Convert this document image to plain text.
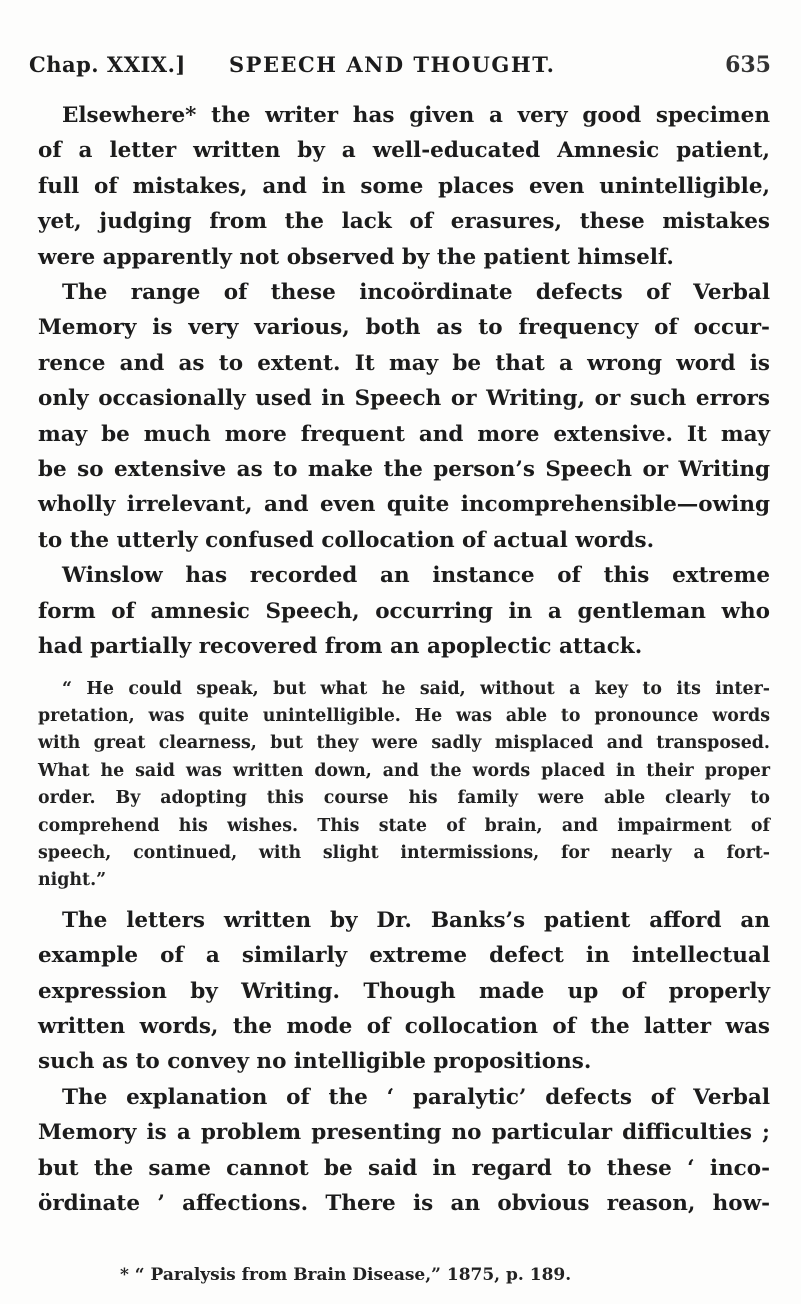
Chap. XXIX.] SPEECH AND THOUGHT.	635

Elsewhere* the writer has given a very good specimen
of a letter written by a well-educated Amnesic patient,
full of mistakes, and in some places even unintelligible,
yet, judging from the lack of erasures, these mistakes
were apparently not observed by the patient himself.

The range of these incoördinate defects of Verbal
Memory is very various, both as to frequency of occur-
rence and as to extent. It may be that a wrong word is
only occasionally used in Speech or Writing, or such errors
may be much more frequent and more extensive. It may
be so extensive as to make the person’s Speech or Writing
wholly irrelevant, and even quite incomprehensible—owing
to the utterly confused collocation of actual words.

Winslow has recorded an instance of this extreme
form of amnesic Speech, occurring in a gentleman who
had partially recovered from an apoplectic attack.

“ He could speak, but what he said, without a key to its inter-
pretation, was quite unintelligible. He was able to pronounce words
with great clearness, but they were sadly misplaced and transposed.
What he said was written down, and the words placed in their proper
order. By adopting this course his family were able clearly to
comprehend his wishes. This state of brain, and impairment of
speech, continued, with slight intermissions, for nearly a fort-
night.”

The letters written by Dr. Banks’s patient afford an
example of a similarly extreme defect in intellectual
expression by Writing. Though made up of properly
written words, the mode of collocation of the latter was
such as to convey no intelligible propositions.

The explanation of the ‘ paralytic’ defects of Verbal
Memory is a problem presenting no particular difficulties ;
but the same cannot be said in regard to these ‘ inco-
ördinate ’ affections. There is an obvious reason, how-

* “ Paralysis from Brain Disease,” 1875, p. 189.
